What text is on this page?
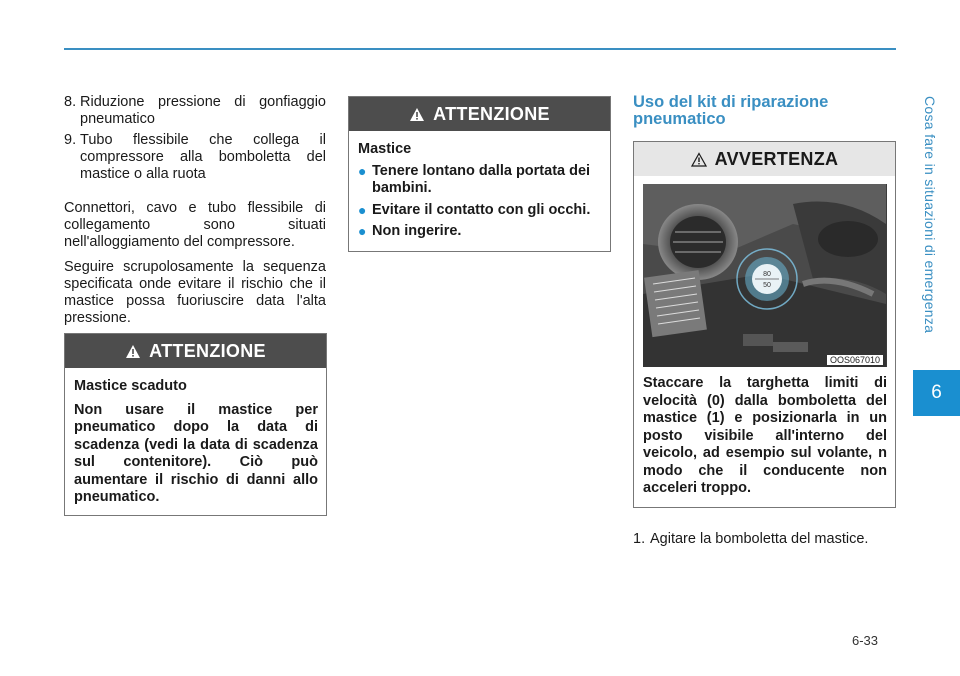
Cosa fare in situazioni di emergenza
6
8. Riduzione pressione di gonfiaggio pneumatico
9. Tubo flessibile che collega il compressore alla bomboletta del mastice o alla ruota

Connettori, cavo e tubo flessibile di collegamento sono situati nell'alloggiamento del compressore.

Seguire scrupolosamente la sequenza specificata onde evitare il rischio che il mastice possa fuoriuscire data l'alta pressione.

ATTENZIONE
Mastice scaduto
Non usare il mastice per pneumatico dopo la data di scadenza (vedi la data di scadenza sul contenitore). Ciò può aumentare il rischio di danni allo pneumatico.
ATTENZIONE
Mastice
● Tenere lontano dalla portata dei bambini.
● Evitare il contatto con gli occhi.
● Non ingerire.
Uso del kit di riparazione pneumatico
AVVERTENZA
80
50
OOS067010
Staccare la targhetta limiti di velocità (0) dalla bomboletta del mastice (1) e posizionarla in un posto visibile all'interno del veicolo, ad esempio sul volante, n modo che il conducente non acceleri troppo.
1. Agitare la bomboletta del mastice.
6-33
